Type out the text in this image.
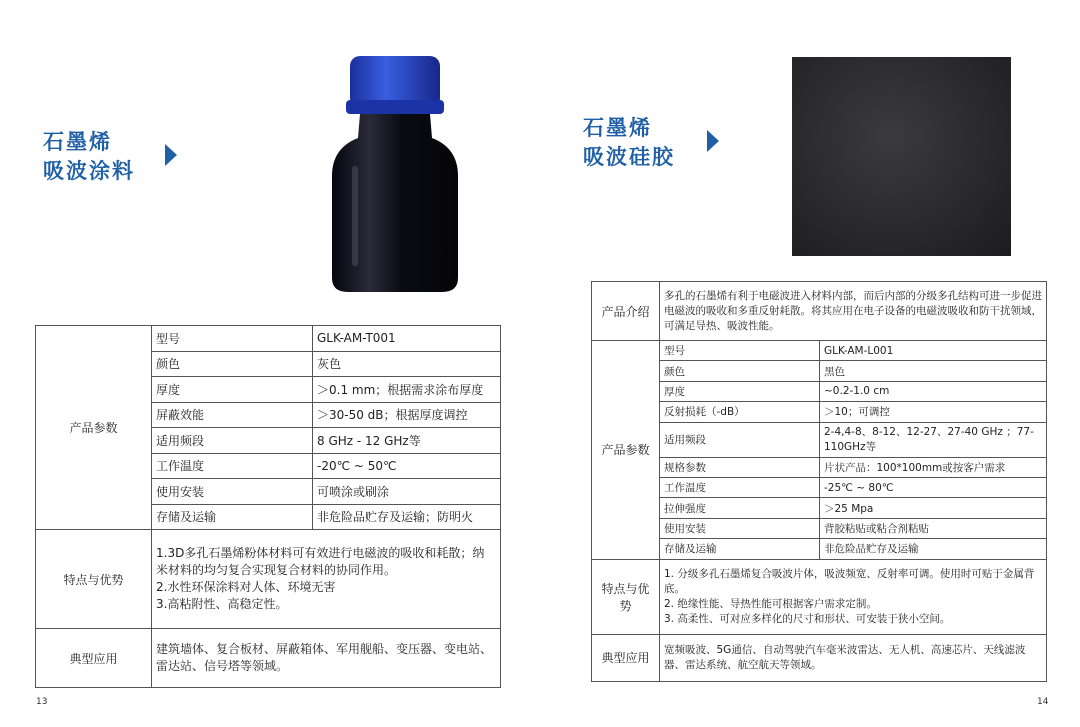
石墨烯
吸波涂料
产品参数	型号	GLK-AM-T001
	颜色	灰色
	厚度	＞0.1 mm；根据需求涂布厚度
	屏蔽效能	＞30-50 dB；根据厚度调控
	适用频段	8 GHz - 12 GHz等
	工作温度	-20℃ ~ 50℃
	使用安装	可喷涂或刷涂
	存储及运输	非危险品贮存及运输；防明火
特点与优势	1.3D多孔石墨烯粉体材料可有效进行电磁波的吸收和耗散；纳米材料的均匀复合实现复合材料的协同作用。
2.水性环保涂料对人体、环境无害
3.高粘附性、高稳定性。	

典型应用	建筑墙体、复合板材、屏蔽箱体、军用舰船、变压器、变电站、雷达站、信号塔等领域。	
13
石墨烯
吸波硅胶
产品介绍	多孔的石墨烯有利于电磁波进入材料内部，而后内部的分级多孔结构可进一步促进电磁波的吸收和多重反射耗散。将其应用在电子设备的电磁波吸收和防干扰领域，可满足导热、吸波性能。	
产品参数	型号	GLK-AM-L001
	颜色	黑色
	厚度	~0.2-1.0 cm
	反射损耗（-dB）	＞10；可调控
	适用频段	2-4,4-8、8-12、12-27、27-40 GHz ；77-110GHz等
	规格参数	片状产品：100*100mm或按客户需求
	工作温度	-25℃ ~ 80℃
	拉伸强度	＞25 Mpa
	使用安装	背胶粘贴或粘合剂粘贴
	存储及运输	非危险品贮存及运输
特点与优势	1. 分级多孔石墨烯复合吸波片体，吸波频宽、反射率可调。使用时可贴于金属背底。
2. 绝缘性能、导热性能可根据客户需求定制。
3. 高柔性、可对应多样化的尺寸和形状、可安装于狭小空间。	

典型应用	宽频吸波、5G通信、自动驾驶汽车毫米波雷达、无人机、高速芯片、天线滤波器、雷达系统、航空航天等领域。	
14
